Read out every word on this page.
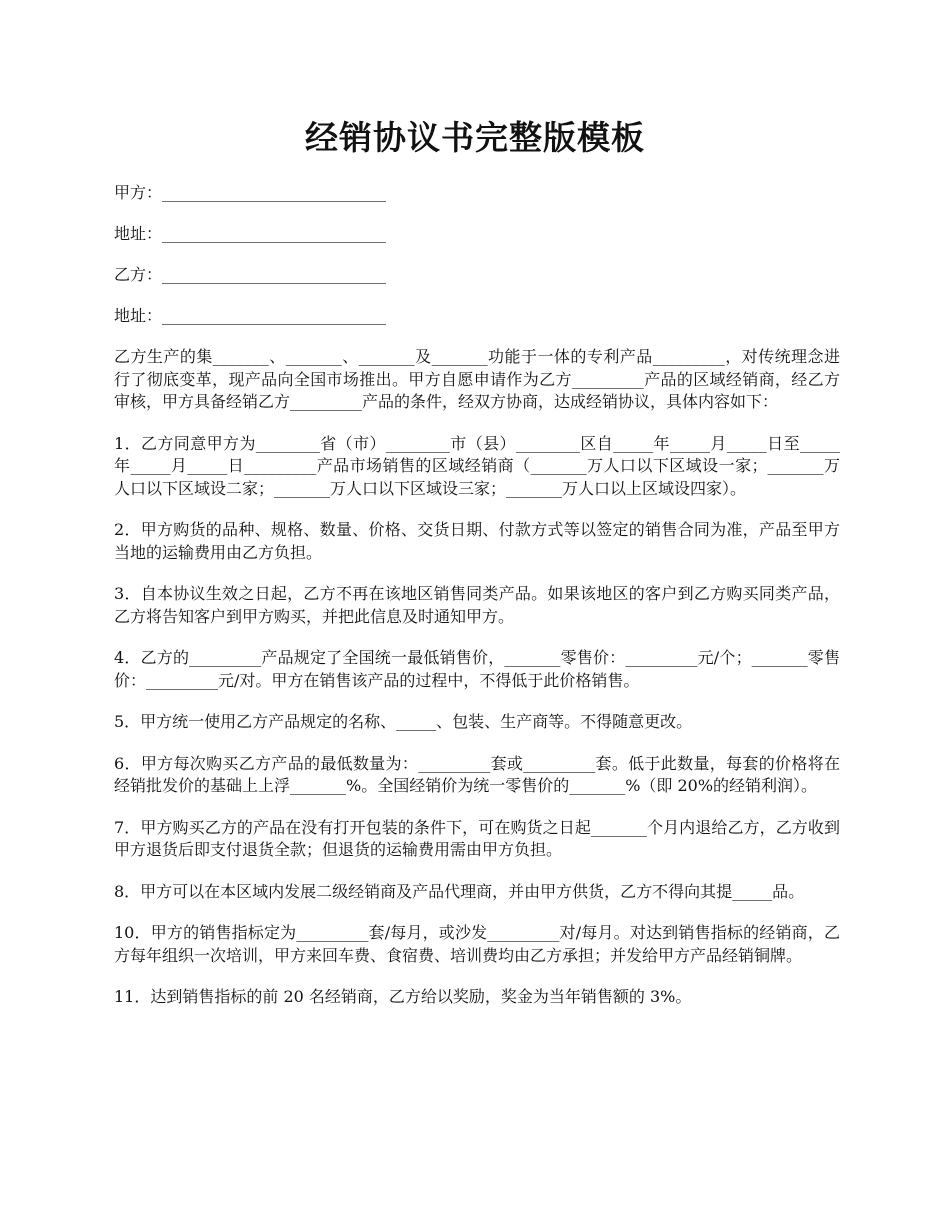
经销协议书完整版模板
甲方：____________________________
地址：____________________________
乙方：____________________________
地址：____________________________

乙方生产的集_______、_______、_______及_______功能于一体的专利产品_________，对传统理念进行了彻底变革，现产品向全国市场推出。甲方自愿申请作为乙方_________产品的区域经销商，经乙方审核，甲方具备经销乙方_________产品的条件，经双方协商，达成经销协议，具体内容如下：

1．乙方同意甲方为________省（市）________市（县）________区自_____年_____月_____日至_____年_____月_____日_________产品市场销售的区域经销商（_______万人口以下区域设一家；_______万人口以下区域设二家；_______万人口以下区域设三家；_______万人口以上区域设四家）。

2．甲方购货的品种、规格、数量、价格、交货日期、付款方式等以签定的销售合同为准，产品至甲方当地的运输费用由乙方负担。

3．自本协议生效之日起，乙方不再在该地区销售同类产品。如果该地区的客户到乙方购买同类产品，乙方将告知客户到甲方购买，并把此信息及时通知甲方。

4．乙方的_________产品规定了全国统一最低销售价，_______零售价：_________元/个；_______零售价：_________元/对。甲方在销售该产品的过程中，不得低于此价格销售。

5．甲方统一使用乙方产品规定的名称、_____、包装、生产商等。不得随意更改。

6．甲方每次购买乙方产品的最低数量为：_________套或_________套。低于此数量，每套的价格将在经销批发价的基础上上浮_______%。全国经销价为统一零售价的_______%（即 20%的经销利润）。

7．甲方购买乙方的产品在没有打开包装的条件下，可在购货之日起_______个月内退给乙方，乙方收到甲方退货后即支付退货全款；但退货的运输费用需由甲方负担。

8．甲方可以在本区域内发展二级经销商及产品代理商，并由甲方供货，乙方不得向其提_____品。

10．甲方的销售指标定为_________套/每月，或沙发_________对/每月。对达到销售指标的经销商，乙方每年组织一次培训，甲方来回车费、食宿费、培训费均由乙方承担；并发给甲方产品经销铜牌。

11．达到销售指标的前 20 名经销商，乙方给以奖励，奖金为当年销售额的 3%。
